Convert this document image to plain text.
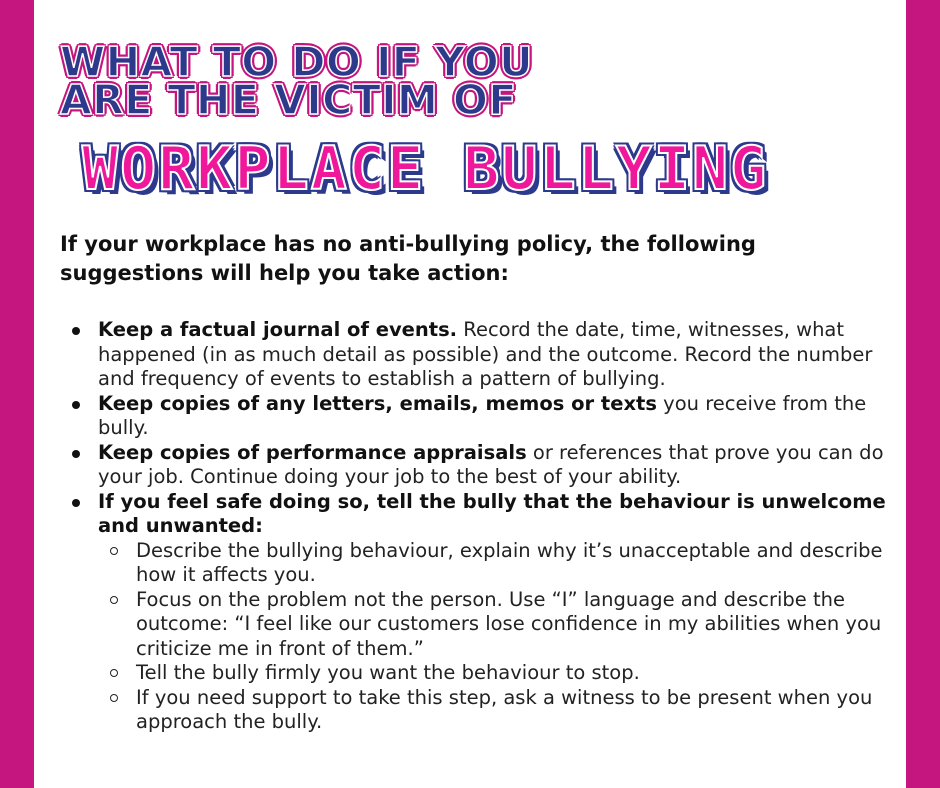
WHAT TO DO IF YOU
ARE THE VICTIM OF
WORKPLACE BULLYING
If your workplace has no anti-bullying policy, the following suggestions will help you take action:
Keep a factual journal of events. Record the date, time, witnesses, what happened (in as much detail as possible) and the outcome. Record the number and frequency of events to establish a pattern of bullying.
Keep copies of any letters, emails, memos or texts you receive from the bully.
Keep copies of performance appraisals or references that prove you can do your job. Continue doing your job to the best of your ability.
If you feel safe doing so, tell the bully that the behaviour is unwelcome and unwanted:
Describe the bullying behaviour, explain why it’s unacceptable and describe how it affects you.
Focus on the problem not the person. Use “I” language and describe the outcome: “I feel like our customers lose confidence in my abilities when you criticize me in front of them.”
Tell the bully firmly you want the behaviour to stop.
If you need support to take this step, ask a witness to be present when you approach the bully.
